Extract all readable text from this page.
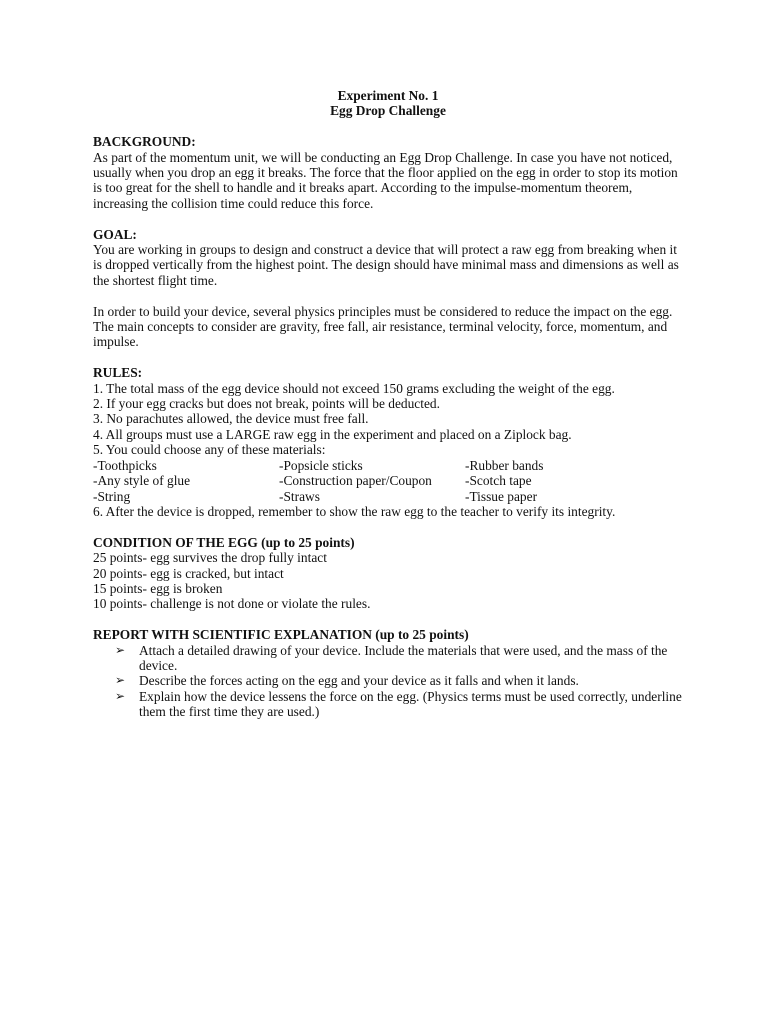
Experiment No. 1

Egg Drop Challenge

BACKGROUND:

As part of the momentum unit, we will be conducting an Egg Drop Challenge. In case you have not noticed, usually when you drop an egg it breaks. The force that the floor applied on the egg in order to stop its motion is too great for the shell to handle and it breaks apart. According to the impulse-momentum theorem, increasing the collision time could reduce this force.

GOAL:

You are working in groups to design and construct a device that will protect a raw egg from breaking when it is dropped vertically from the highest point. The design should have minimal mass and dimensions as well as the shortest flight time.

In order to build your device, several physics principles must be considered to reduce the impact on the egg. The main concepts to consider are gravity, free fall, air resistance, terminal velocity, force, momentum, and impulse.

RULES:

1. The total mass of the egg device should not exceed 150 grams excluding the weight of the egg.

2. If your egg cracks but does not break, points will be deducted.

3. No parachutes allowed, the device must free fall.

4. All groups must use a LARGE raw egg in the experiment and placed on a Ziplock bag.

5. You could choose any of these materials:

-Toothpicks	-Popsicle sticks	-Rubber bands
-Any style of glue	-Construction paper/Coupon	-Scotch tape
-String	-Straws	-Tissue paper

6. After the device is dropped, remember to show the raw egg to the teacher to verify its integrity.

CONDITION OF THE EGG (up to 25 points)

25 points- egg survives the drop fully intact

20 points- egg is cracked, but intact

15 points- egg is broken

10 points- challenge is not done or violate the rules.

REPORT WITH SCIENTIFIC EXPLANATION (up to 25 points)

➢ Attach a detailed drawing of your device. Include the materials that were used, and the mass of the device.
➢ Describe the forces acting on the egg and your device as it falls and when it lands.
➢ Explain how the device lessens the force on the egg. (Physics terms must be used correctly, underline them the first time they are used.)
